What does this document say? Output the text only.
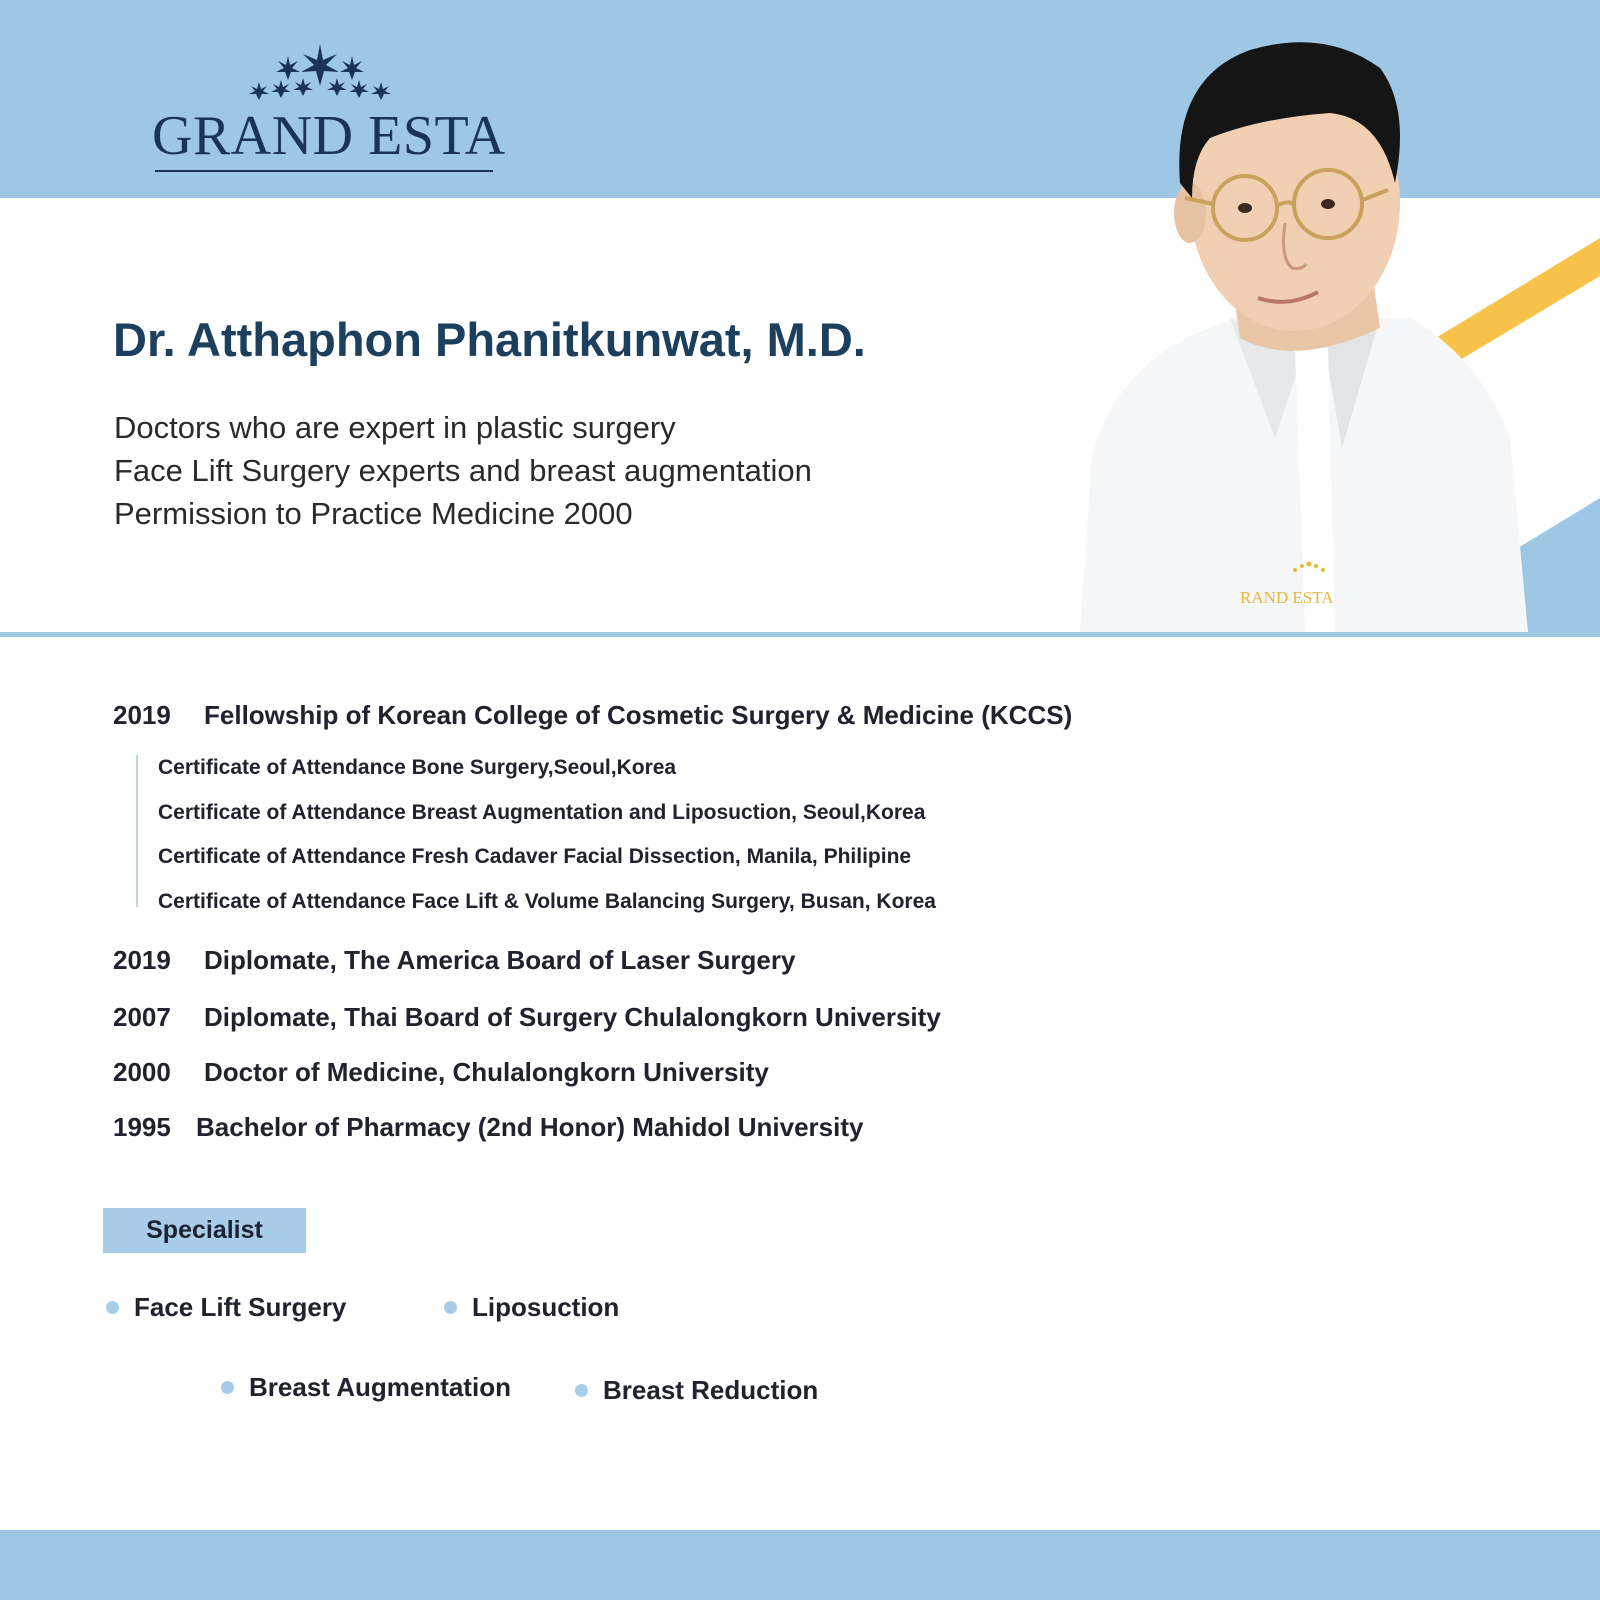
GRAND ESTA
RAND ESTA
Dr. Atthaphon Phanitkunwat, M.D.
Doctors who are expert in plastic surgery
Face Lift Surgery experts and breast augmentation
Permission to Practice Medicine 2000
2019 Fellowship of Korean College of Cosmetic Surgery & Medicine (KCCS)
Certificate of Attendance Bone Surgery,Seoul,Korea
Certificate of Attendance Breast Augmentation and Liposuction, Seoul,Korea
Certificate of Attendance Fresh Cadaver Facial Dissection, Manila, Philipine
Certificate of Attendance Face Lift & Volume Balancing Surgery, Busan, Korea
2019 Diplomate, The America Board of Laser Surgery
2007 Diplomate, Thai Board of Surgery Chulalongkorn University
2000 Doctor of Medicine, Chulalongkorn University
1995 Bachelor of Pharmacy (2nd Honor) Mahidol University
Specialist
Face Lift Surgery	Liposuction
Breast Augmentation	Breast Reduction
